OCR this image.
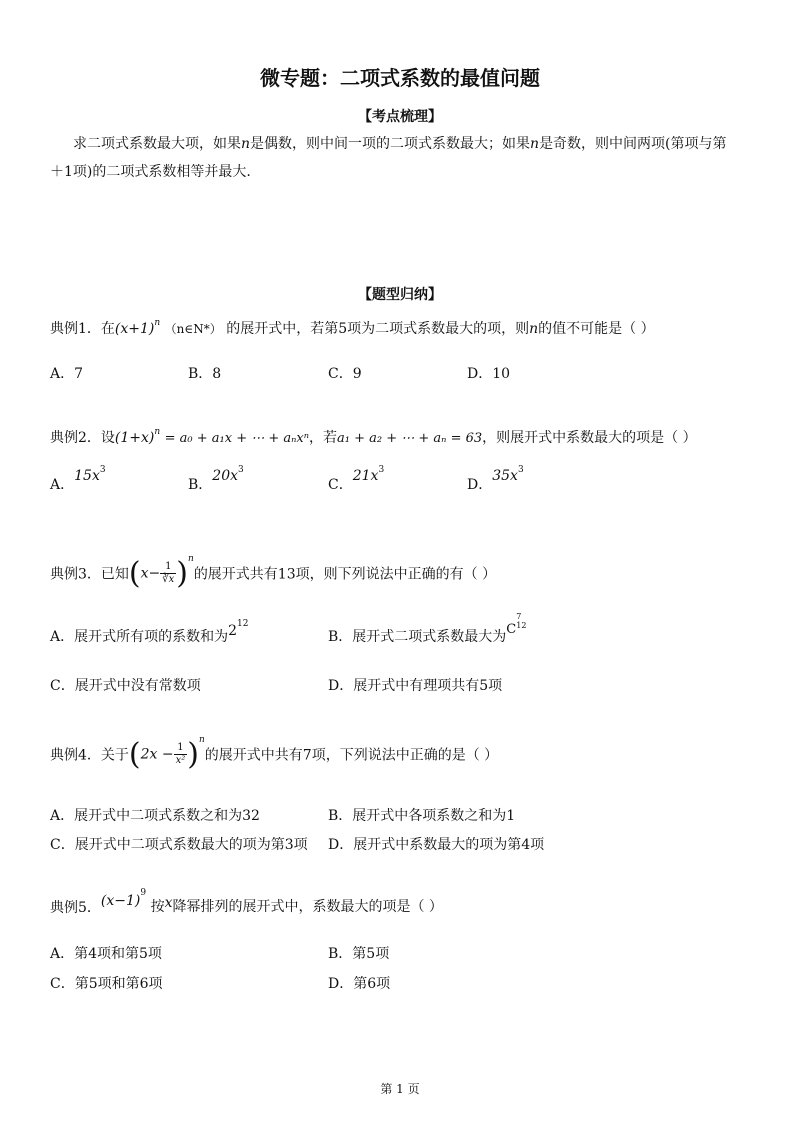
微专题：二项式系数的最值问题
【考点梳理】
求二项式系数最大项，如果n是偶数，则中间一项的二项式系数最大；如果n是奇数，则中间两项(第项与第
＋1项)的二项式系数相等并最大.
【题型归纳】
典例1．在$(x+1)^n$ （n∈N*） 的展开式中，若第5项为二项式系数最大的项，则n的值不可能是（ ）
A．7	B．8	C．9	D．10
典例2．设$(1+x)^n = a_0 + a_1x$ + ⋯ + aₙxⁿ，若a₁ + a₂ + ⋯ + aₙ = 63，则展开式中系数最大的项是（ ）
A．$15x^3$
B．$20x^3$
C．$21x^3$
D．$35x^3$
典例3．已知$(x- \frac{1}{∛x} )^n$的展开式共有13项，则下列说法中正确的有（ ）
A．展开式所有项的系数和为$2^{12}$
B．展开式二项式系数最大为C
7
12
C．展开式中没有常数项	D．展开式中有理项共有5项
典例4．关于$(2x - \frac{1}{\text{x²}} )^n$的展开式中共有7项，下列说法中正确的是（ ）
A．展开式中二项式系数之和为32	B．展开式中各项系数之和为1
C．展开式中二项式系数最大的项为第3项 D．展开式中系数最大的项为第4项
典例5．$(x-1)^9$ 按x降幂排列的展开式中，系数最大的项是（ ）
A．第4项和第5项	B．第5项
C．第5项和第6项	D．第6项
第 1 页
